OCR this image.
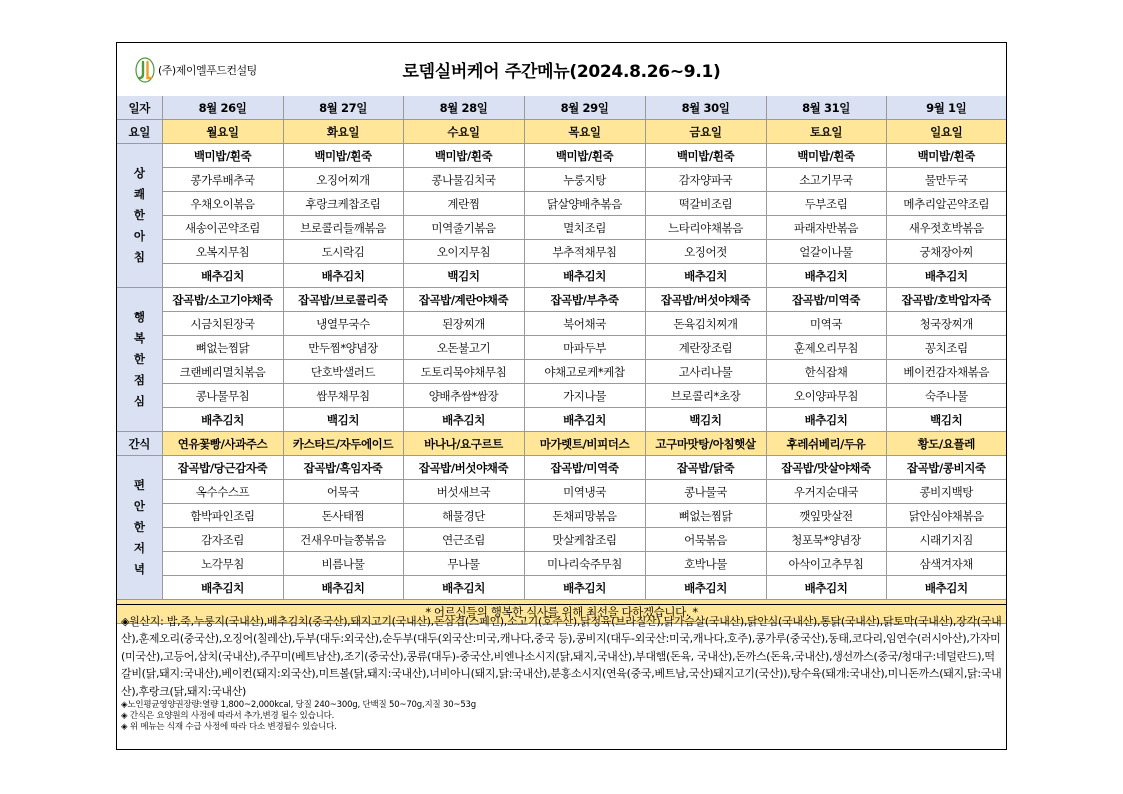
(주)제이엘푸드컨설팅	로뎀실버케어 주간메뉴(2024.8.26~9.1)
일자	8월 26일	8월 27일	8월 28일	8월 29일	8월 30일	8월 31일	9월 1일
요일	월요일	화요일	수요일	목요일	금요일	토요일	일요일

상
쾌
한
아
침	백미밥/흰죽	백미밥/흰죽	백미밥/흰죽	백미밥/흰죽	백미밥/흰죽	백미밥/흰죽	백미밥/흰죽
	콩가루배추국	오징어찌개	콩나물김치국	누룽지탕	감자양파국	소고기무국	물만두국
	우채오이볶음	후랑크케찹조림	계란찜	닭살양배추볶음	떡갈비조림	두부조림	메추리알곤약조림
	새송이곤약조림	브로콜리들깨볶음	미역줄기볶음	멸치조림	느타리야채볶음	파래자반볶음	새우젓호박볶음
	오복지무침	도시락김	오이지무침	부추적채무침	오징어젓	얼갈이나물	궁채장아찌
	배추김치	배추김치	백김치	배추김치	배추김치	배추김치	배추김치

행
복
한
점
심	잡곡밥/소고기야채죽	잡곡밥/브로콜리죽	잡곡밥/계란야채죽	잡곡밥/부추죽	잡곡밥/버섯야채죽	잡곡밥/미역죽	잡곡밥/호박압자죽
	시금치된장국	냉열무국수	된장찌개	북어채국	돈육김치찌개	미역국	청국장찌개
	뼈없는찜닭	만두찜*양념장	오돈불고기	마파두부	계란장조림	훈제오리무침	꽁치조림
	크랜베리멸치볶음	단호박샐러드	도토리묵야채무침	야채고로케*케찹	고사리나물	한식잡채	베이컨감자채볶음
	콩나물무침	쌈무채무침	양배추쌈*쌈장	가지나물	브로콜리*초장	오이양파무침	숙주나물
	배추김치	백김치	배추김치	배추김치	백김치	배추김치	백김치
간식	연유꽃빵/사과주스	카스타드/자두에이드	바나나/요구르트	마가렛트/비피더스	고구마맛탕/아침햇살	후레쉬베리/두유	황도/요플레

편
안
한
저
녁	잡곡밥/당근감자죽	잡곡밥/흑임자죽	잡곡밥/버섯야채죽	잡곡밥/미역죽	잡곡밥/닭죽	잡곡밥/맛살야채죽	잡곡밥/콩비지죽
	옥수수스프	어묵국	버섯새브국	미역냉국	콩나물국	우거지순대국	콩비지백탕
	함박파인조림	돈사태찜	해물경단	돈채피망볶음	뼈없는찜닭	깻잎맛살전	닭안심야채볶음
	감자조림	건새우마늘쫑볶음	연근조림	맛살케찹조림	어묵볶음	청포묵*양념장	시래기지짐
	노각무침	비름나물	무나물	미나리숙주무침	호박나물	아삭이고추무침	삼색겨자채
	배추김치	배추김치	배추김치	배추김치	배추김치	배추김치	배추김치
* 어르신들의 행복한 식사를 위해 최선을 다하겠습니다. *							
◈원산지: 밥,죽,누룽지(국내산),배추김치(중국산),돼지고기(국내산),돈삼겹(스페인),소고기(호주산),닭정육(브라질산),닭가슴살(국내산),닭안심(국내산),통닭(국내산),닭토막(국내산),장각(국내산),훈제오리(중국산),오징어(칠레산),두부(대두:외국산),순두부(대두(외국산:미국,캐나다,중국 등),콩비지(대두-외국산:미국,캐나다,호주),콩가루(중국산),동태,코다리,임연수(러시아산),가자미(미국산),고등어,삼치(국내산),주꾸미(베트남산),조기(중국산),콩류(대두)-중국산,비엔나소시지(닭,돼지,국내산),부대햄(돈육, 국내산),돈까스(돈육,국내산),생선까스(중국/청대구:네덜란드),떡갈비(닭,돼지:국내산),베이컨(돼지:외국산),미트볼(닭,돼지:국내산),너비아니(돼지,닭:국내산),분홍소시지(연육(중국,베트남,국산)돼지고기(국산)),탕수육(돼개:국내산),미니돈까스(돼지,닭:국내산),후랑크(닭,돼지:국내산)
◈노인평균영양권장량:열량 1,800~2,000kcal, 당질 240~300g, 단백질 50~70g,지질 30~53g
◈ 간식은 요양원의 사정에 따라서 추가,변경 될수 있습니다.
◈ 위 메뉴는 식재 수급 사정에 따라 다소 변경될수 있습니다.
